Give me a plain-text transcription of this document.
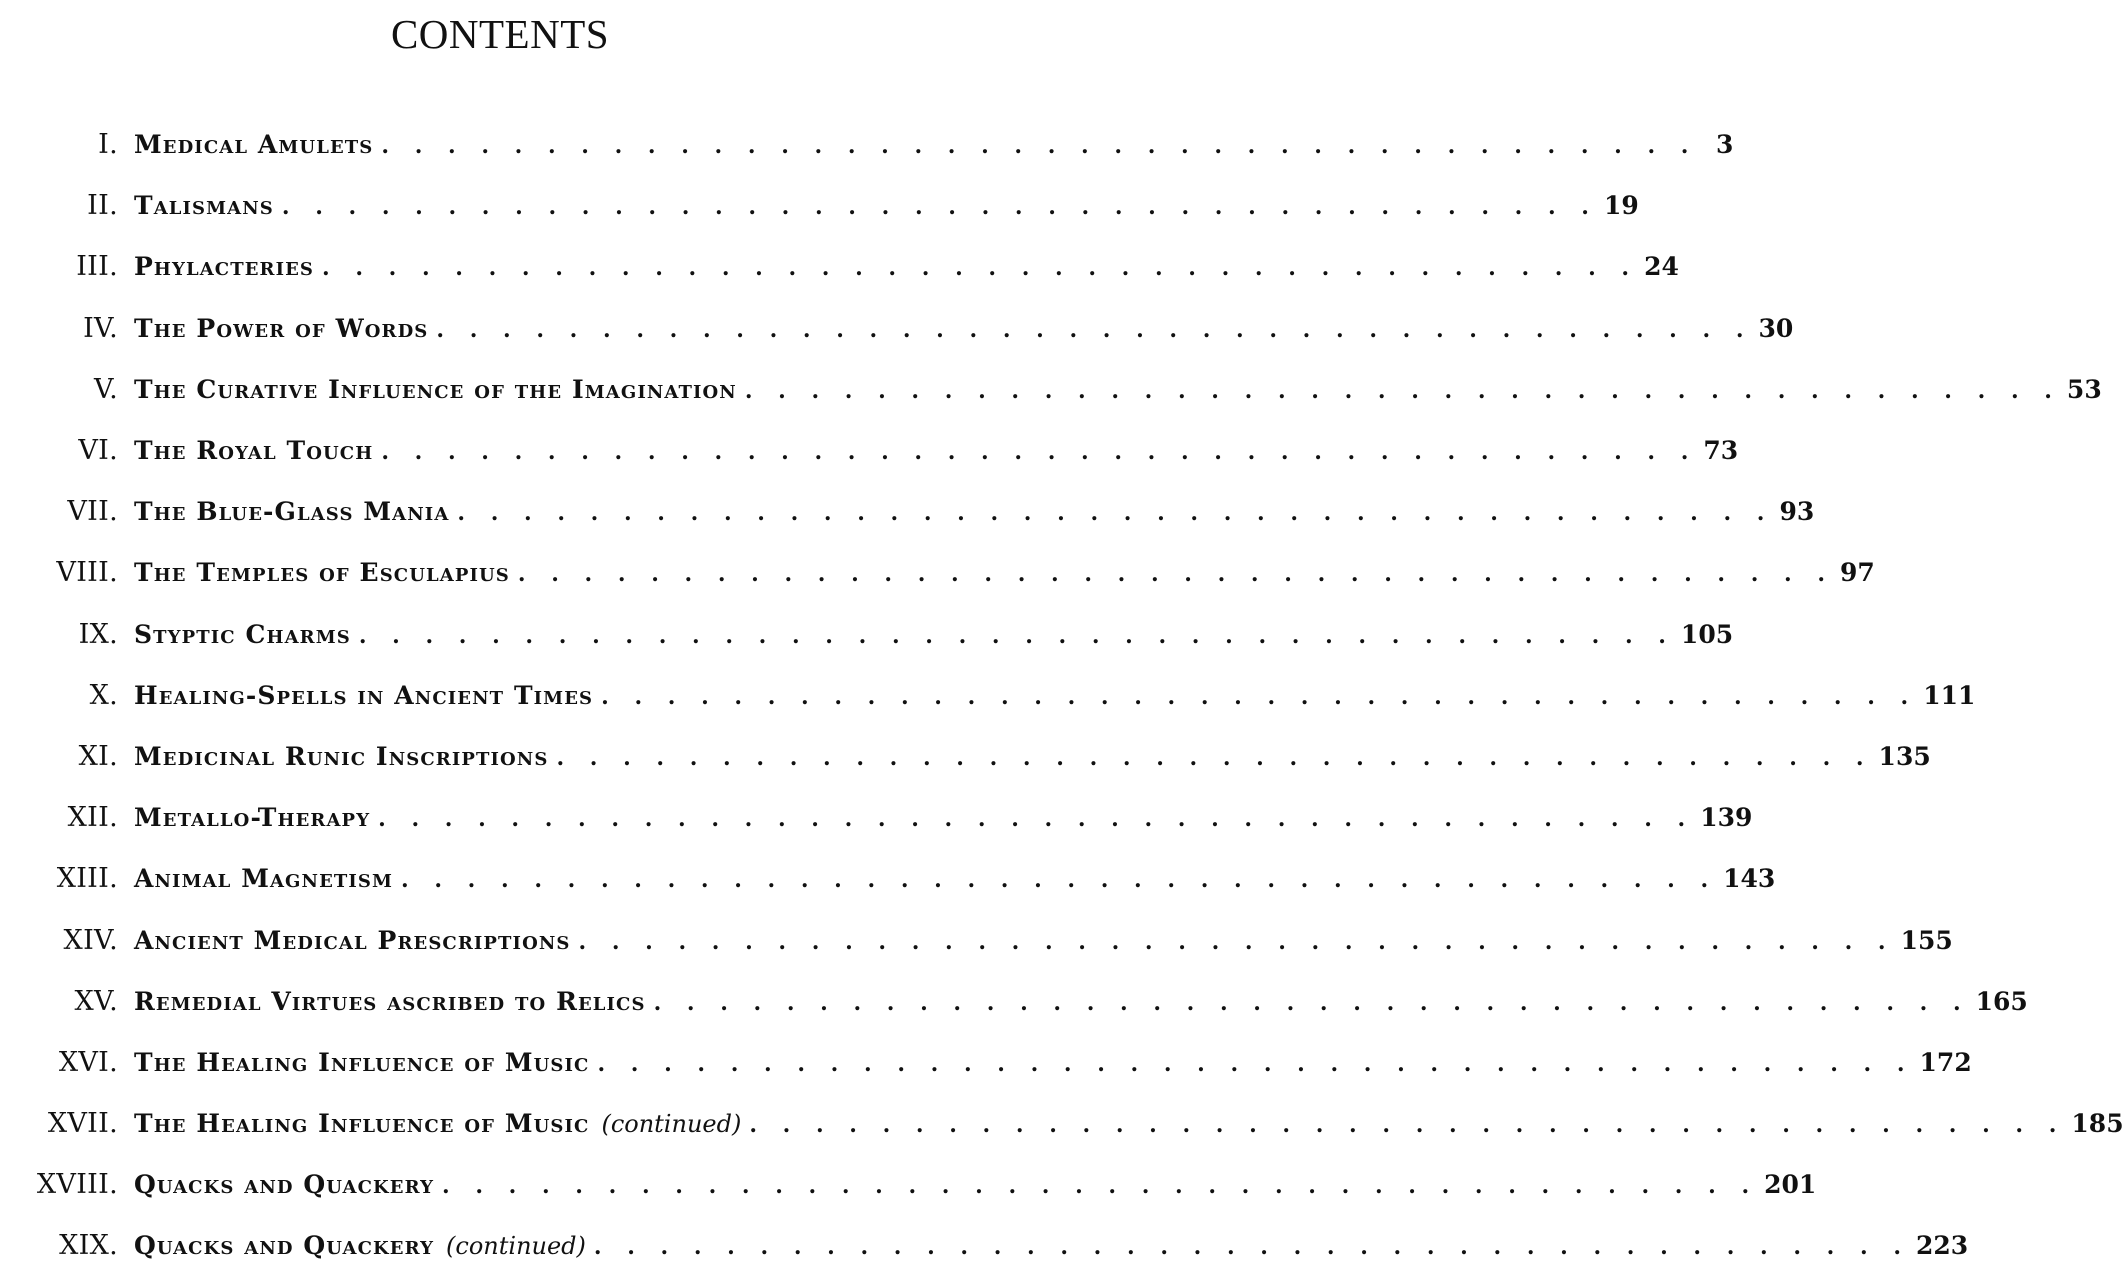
CONTENTS
I. Medical Amulets . . . . . . . . . . . . . . . . . . . . . . . . . . . . . . . . . . . . . . . . 3
II. Talismans . . . . . . . . . . . . . . . . . . . . . . . . . . . . . . . . . . . . . . . . 19
III. Phylacteries . . . . . . . . . . . . . . . . . . . . . . . . . . . . . . . . . . . . . . . . 24
IV. The Power of Words . . . . . . . . . . . . . . . . . . . . . . . . . . . . . . . . . . . . . . . . 30
V. The Curative Influence of the Imagination . . . . . . . . . . . . . . . . . . . . . . . . . . . . . . . . . . . . . . . . 53
VI. The Royal Touch . . . . . . . . . . . . . . . . . . . . . . . . . . . . . . . . . . . . . . . . 73
VII. The Blue-Glass Mania . . . . . . . . . . . . . . . . . . . . . . . . . . . . . . . . . . . . . . . . 93
VIII. The Temples of Esculapius . . . . . . . . . . . . . . . . . . . . . . . . . . . . . . . . . . . . . . . . 97
IX. Styptic Charms . . . . . . . . . . . . . . . . . . . . . . . . . . . . . . . . . . . . . . . . 105
X. Healing-Spells in Ancient Times . . . . . . . . . . . . . . . . . . . . . . . . . . . . . . . . . . . . . . . . 111
XI. Medicinal Runic Inscriptions . . . . . . . . . . . . . . . . . . . . . . . . . . . . . . . . . . . . . . . . 135
XII. Metallo-Therapy . . . . . . . . . . . . . . . . . . . . . . . . . . . . . . . . . . . . . . . . 139
XIII. Animal Magnetism . . . . . . . . . . . . . . . . . . . . . . . . . . . . . . . . . . . . . . . . 143
XIV. Ancient Medical Prescriptions . . . . . . . . . . . . . . . . . . . . . . . . . . . . . . . . . . . . . . . . 155
XV. Remedial Virtues ascribed to Relics . . . . . . . . . . . . . . . . . . . . . . . . . . . . . . . . . . . . . . . . 165
XVI. The Healing Influence of Music . . . . . . . . . . . . . . . . . . . . . . . . . . . . . . . . . . . . . . . . 172
XVII. The Healing Influence of Music (continued) . . . . . . . . . . . . . . . . . . . . . . . . . . . . . . . . . . . . . . . . 185
XVIII. Quacks and Quackery . . . . . . . . . . . . . . . . . . . . . . . . . . . . . . . . . . . . . . . . 201
XIX. Quacks and Quackery (continued) . . . . . . . . . . . . . . . . . . . . . . . . . . . . . . . . . . . . . . . . 223
